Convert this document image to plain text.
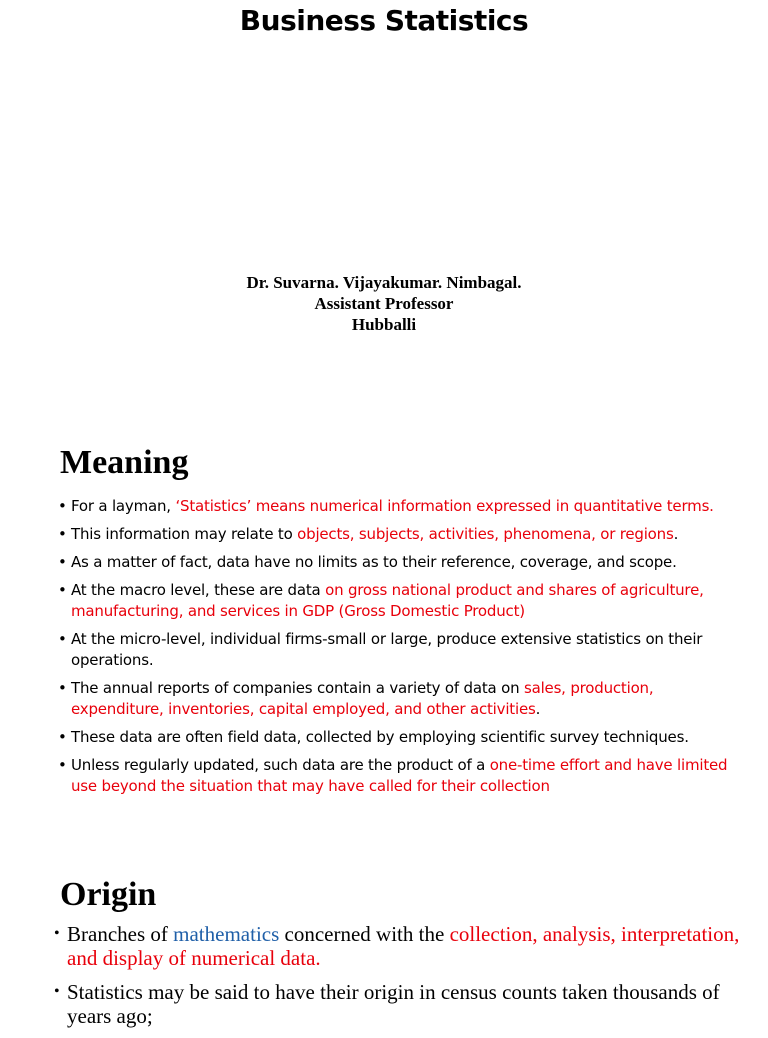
Business Statistics
Dr. Suvarna. Vijayakumar. Nimbagal.
Assistant Professor
Hubballi
Meaning
• For a layman, ‘Statistics’ means numerical information expressed in quantitative terms.
• This information may relate to objects, subjects, activities, phenomena, or regions.
• As a matter of fact, data have no limits as to their reference, coverage, and scope.
• At the macro level, these are data on gross national product and shares of agriculture, manufacturing, and services in GDP (Gross Domestic Product)
• At the micro-level, individual firms-small or large, produce extensive statistics on their operations.
• The annual reports of companies contain a variety of data on sales, production, expenditure, inventories, capital employed, and other activities.
• These data are often field data, collected by employing scientific survey techniques.
• Unless regularly updated, such data are the product of a one-time effort and have limited use beyond the situation that may have called for their collection
Origin
• Branches of mathematics concerned with the collection, analysis, interpretation, and display of numerical data.
• Statistics may be said to have their origin in census counts taken thousands of years ago;
